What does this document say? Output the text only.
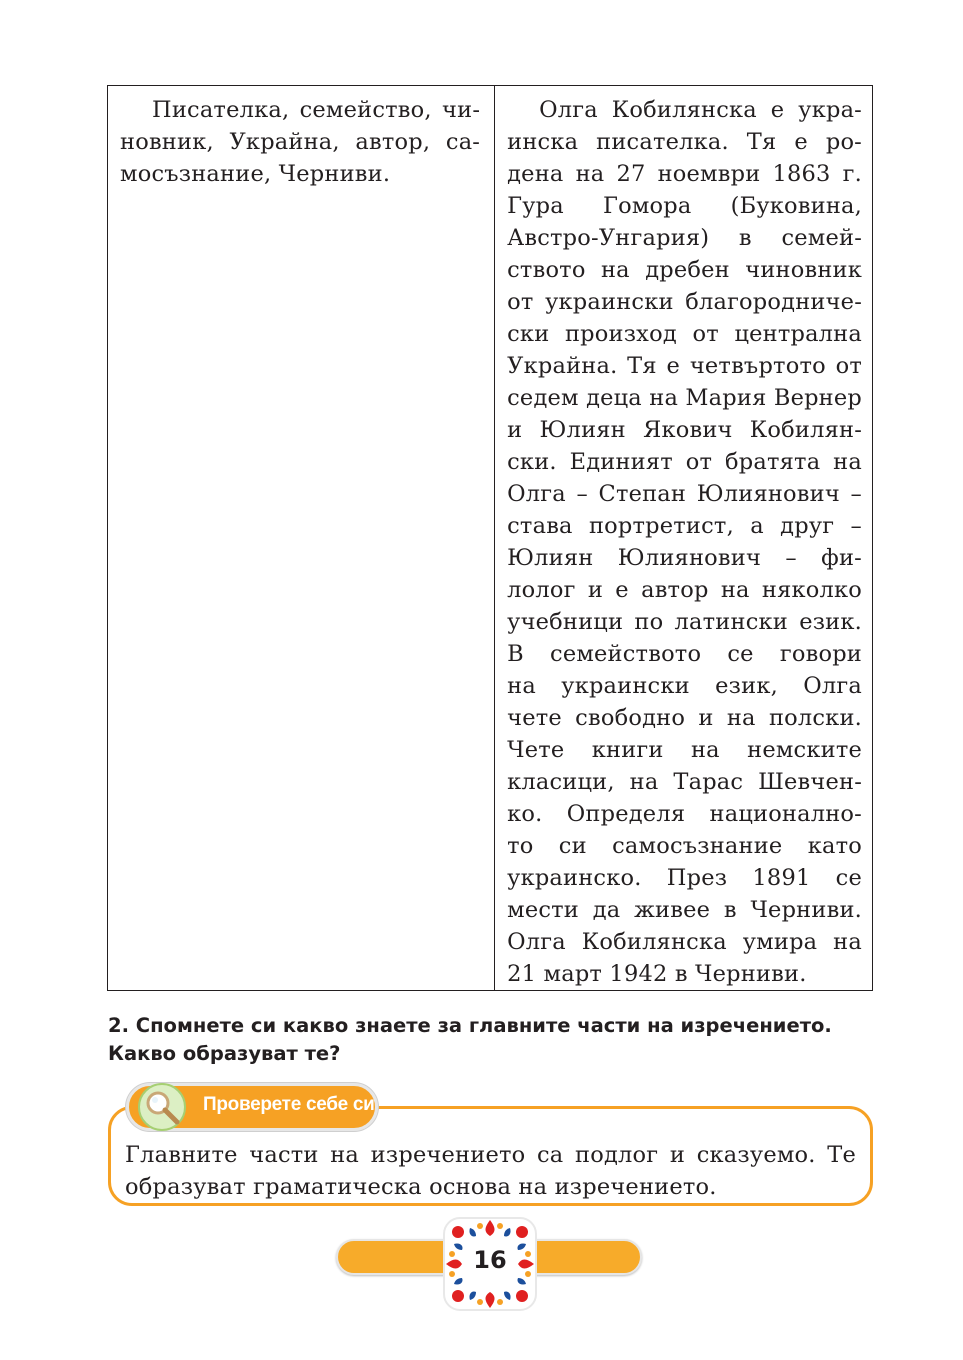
Писателка, семейство, чи-
новник, Украйна, автор, са-
мосъзнание, Черниви.
Олга Кобилянска е укра-
инска писателка. Тя е ро-
дена на 27 ноември 1863 г.
Гура Гомора (Буковина,
Австро-Унгария) в семей-
ството на дребен чиновник
от украински благородниче-
ски произход от централна
Украйна. Тя е четвъртото от
седем деца на Мария Вернер
и Юлиян Якович Кобилян-
ски. Единият от братята на
Олга – Степан Юлиянович –
става портретист, а друг –
Юлиян Юлиянович – фи-
лолог и е автор на няколко
учебници по латински език.
В семейството се говори
на украински език, Олга
чете свободно и на полски.
Чете книги на немските
класици, на Тарас Шевчен-
ко. Определя национално-
то си самосъзнание като
украинско. През 1891 се
мести да живее в Черниви.
Олга Кобилянска умира на
21 март 1942 в Черниви.
2. Спомнете си какво знаете за главните части на изречението. Какво образуват те?
Главните части на изречението са подлог и сказуемо. Те
образуват граматическа основа на изречението.
Проверете себе си
16
